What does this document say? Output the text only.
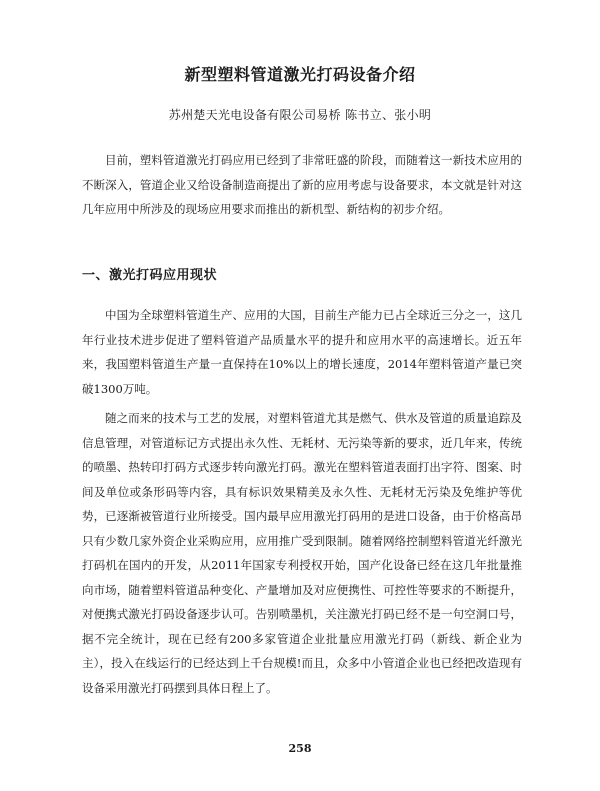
新型塑料管道激光打码设备介绍
苏州楚天光电设备有限公司易桥 陈书立、张小明

目前，塑料管道激光打码应用已经到了非常旺盛的阶段，而随着这一新技术应用的不断深入，管道企业又给设备制造商提出了新的应用考虑与设备要求，本文就是针对这几年应用中所涉及的现场应用要求而推出的新机型、新结构的初步介绍。

一、激光打码应用现状

中国为全球塑料管道生产、应用的大国，目前生产能力已占全球近三分之一，这几年行业技术进步促进了塑料管道产品质量水平的提升和应用水平的高速增长。近五年来，我国塑料管道生产量一直保持在10%以上的增长速度，2014年塑料管道产量已突破1300万吨。

随之而来的技术与工艺的发展，对塑料管道尤其是燃气、供水及管道的质量追踪及信息管理，对管道标记方式提出永久性、无耗材、无污染等新的要求，近几年来，传统的喷墨、热转印打码方式逐步转向激光打码。激光在塑料管道表面打出字符、图案、时间及单位或条形码等内容，具有标识效果精美及永久性、无耗材无污染及免维护等优势，已逐渐被管道行业所接受。国内最早应用激光打码用的是进口设备，由于价格高昂只有少数几家外资企业采购应用，应用推广受到限制。随着网络控制塑料管道光纤激光打码机在国内的开发，从2011年国家专利授权开始，国产化设备已经在这几年批量推向市场，随着塑料管道品种变化、产量增加及对应便携性、可控性等要求的不断提升，对便携式激光打码设备逐步认可。告别喷墨机，关注激光打码已经不是一句空洞口号，据不完全统计，现在已经有200多家管道企业批量应用激光打码（新线、新企业为主），投入在线运行的已经达到上千台规模!而且，众多中小管道企业也已经把改造现有设备采用激光打码摆到具体日程上了。

258
